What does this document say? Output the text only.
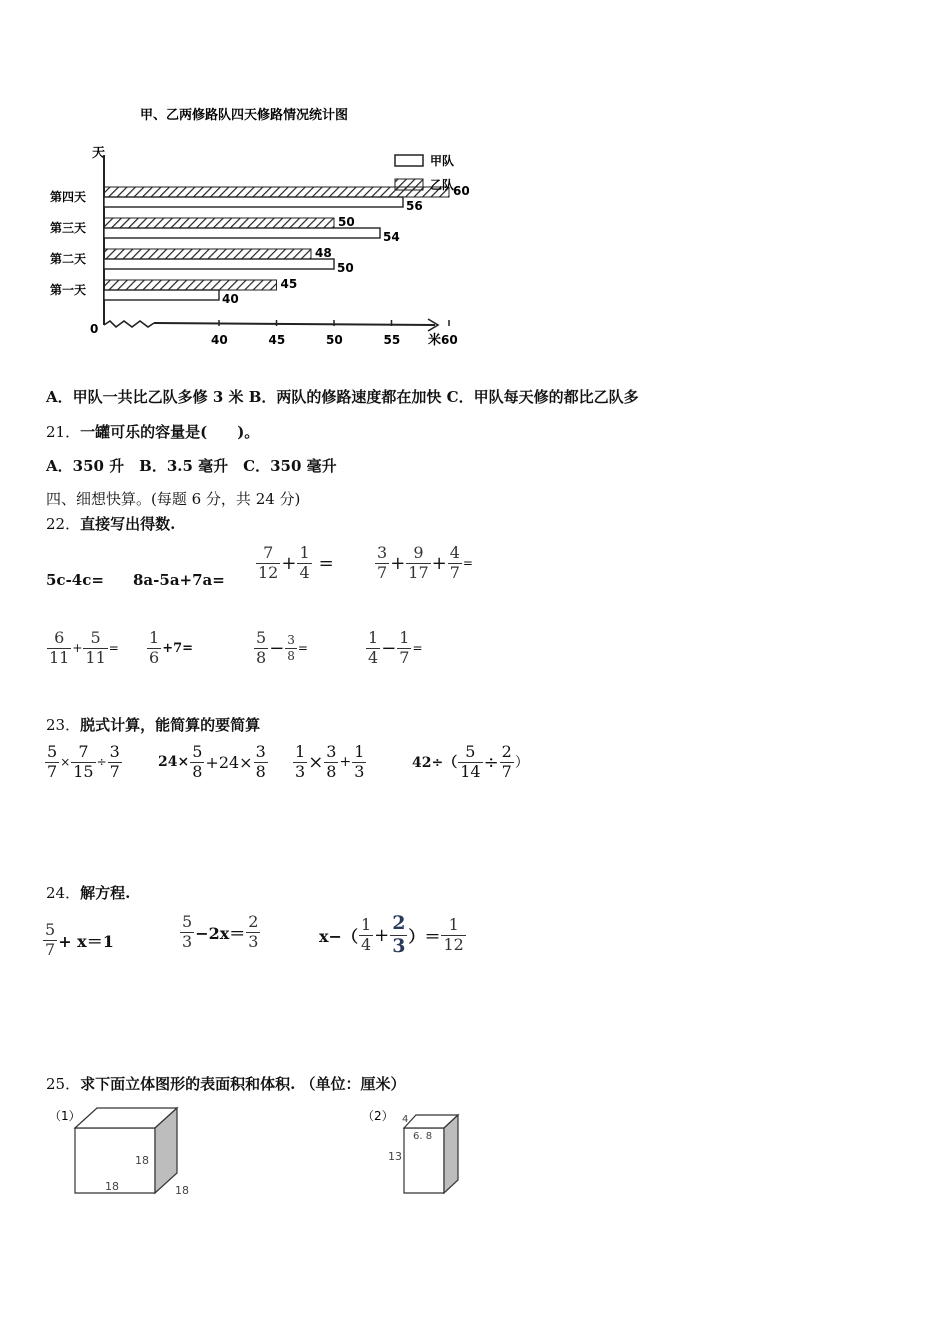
甲、乙两修路队四天修路情况统计图
天
米
0
第一天
第二天
第三天
第四天
40	45	50	55	60
45
40
48
50
50
54
60
56
甲队
乙队
A．甲队一共比乙队多修 3 米 B．两队的修路速度都在加快 C．甲队每天修的都比乙队多
21．一罐可乐的容量是(　　)。
A．350 升　B．3.5 毫升　C．350 毫升
四、细想快算。(每题 6 分，共 24 分)
22．直接写出得数.
$5c-4c= 8a-5a+7a= \frac{7}{12} + \frac{1}{4}$ =	$\frac{3}{7} + \frac{9}{17} + \frac{4}{7}$ =
$\frac{6}{11} + \frac{5}{11} = \frac{1}{6} +7=$	$\frac{5}{8} - \frac{3}{8}$ =	$\frac{1}{4} - \frac{1}{7}$ =
23．脱式计算，能简算的要简算
$\frac{5}{7} \times \frac{7}{15} \div \frac{3}{7}$	$24\times \frac{5}{8} +24\times \frac{3}{8} \frac{1}{3} \times \frac{3}{8} + \frac{1}{3}$	$42\div( \frac{5}{14} \div \frac{2}{7}$ ）
24．解方程.
$\frac{5}{7} + x=1$	$\frac{5}{3} -2x= \frac{2}{3}$	$x-( \frac{1}{4} + \frac{2}{3}$ ）＝ $\frac{1}{12}$
25．求下面立体图形的表面积和体积. （单位：厘米）
（1）
18
18	18
（2） 4
6. 8
13
